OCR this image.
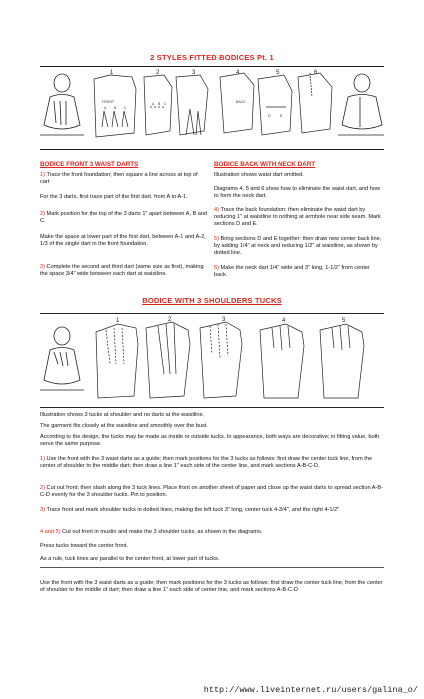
2 STYLES FITTED BODICES Pt. 1
1	2	3	4	5	6
FRONT	BACK
A B C
A B C
D	E
BODICE FRONT 3 WAIST DARTS

1) Trace the front foundation; then square a line across at top of cart

For the 3 darts, first trace part of the first dart. from A to A-1.

2) Mark position for the top of the 3 darts 1" apart between A, B and C.

Make the space at lower part of the first dart, between A-1 and A-2, 1/3 of the single dart in the front foundation.

3) Complete the second and third dart (same size as first), making the space 3/4" wide between each dart at waistline.

BODICE BACK WITH NECK DART

Illustration shows waist dart omitted.

Diagrams 4, 5 and 6 show how to eliminate the waist dart, and how to form the neck dart.

4) Trace the back foundation: then eliminate the waist dart by reducing 1" at waistline to nothing at armhole near side seam. Mark sections D and E.

5) Bring sections D and E together: then draw new center back line, by adding 1/4" at neck and reducing 1/2" at waistline, as shown by dotted line.

6) Make the neck dart 1/4" wide and 3" long, 1-1/2" from center back.

BODICE WITH 3 SHOULDERS TUCKS
1	2	3	4	5

Illustration shows 3 tucks at shoulder and no darts at the waistline.

The garment fits closely at the waistline and smoothly over the bust.

According to the design, the tucks may be made as inside or outside tucks. In appearance, both ways are decorative; in fitting value, both serve the same purpose.

1) Use the front with the 3 waist darts as a guide; then mark positions for the 3 tucks as follows: first draw the center tuck line, from the center of shoulder to the middle dart; then draw a line 1" each side of the center line, and mark sections A-B-C-D.

2) Cut out front; then slash along the 3 tuck lines. Place front on another sheet of paper and close up the waist darts to spread section A-B-C-D evenly for the 3 shoulder tucks. Pin to position.

3) Trace front and mark shoulder tucks in dotted lines, making the left tuck 3" long, center tuck 4-3/4", and the right 4-1/2"

4 and 5) Cut out front in muslin and make the 3 shoulder tucks, as shown in the diagrams.

Press tucks toward the center front.

As a rule, tuck lines are parallel to the center front, at lower part of tucks.

Use the front with the 3 waist darts as a guide; then mark positions for the 3 tucks as follows: first draw the center tuck line, from the center of shoulder to the middle of dart; then draw a line 1" each side of center line, and mark sections A-B-C-D

http://www.liveinternet.ru/users/galina_o/
